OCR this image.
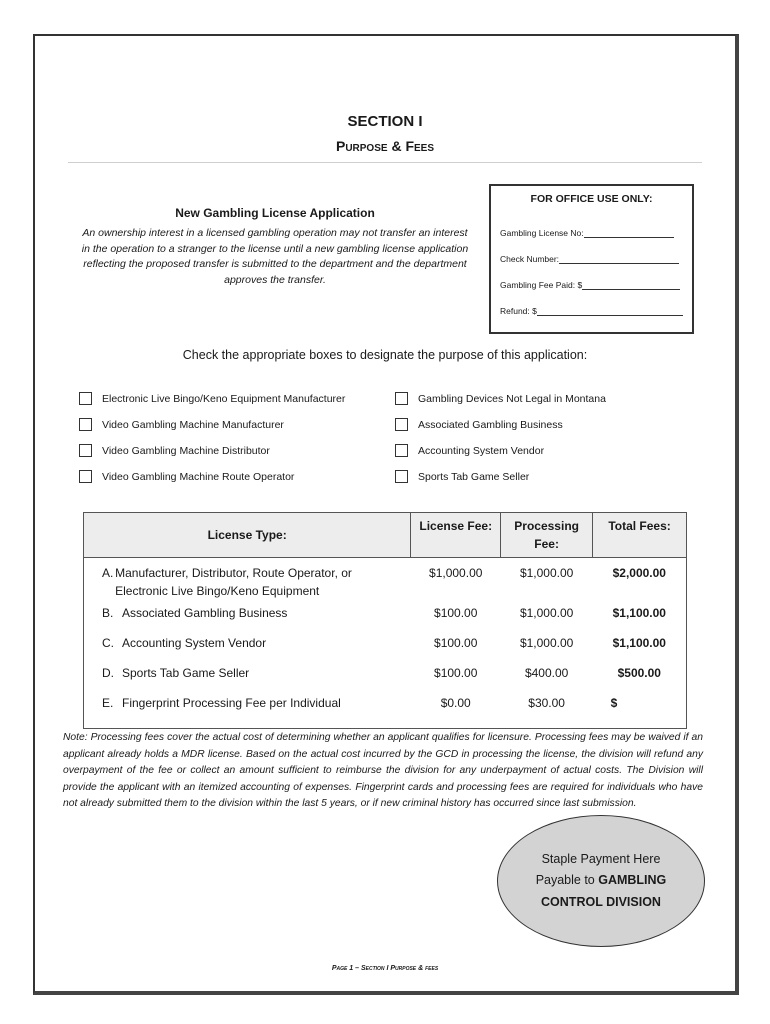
SECTION I
Purpose & Fees
New Gambling License Application
An ownership interest in a licensed gambling operation may not transfer an interest in the operation to a stranger to the license until a new gambling license application reflecting the proposed transfer is submitted to the department and the department approves the transfer.
FOR OFFICE USE ONLY:
Gambling License No:
Check Number:
Gambling Fee Paid: $
Refund: $
Check the appropriate boxes to designate the purpose of this application:
Electronic Live Bingo/Keno Equipment Manufacturer
Video Gambling Machine Manufacturer
Video Gambling Machine Distributor
Video Gambling Machine Route Operator
Gambling Devices Not Legal in Montana
Associated Gambling Business
Accounting System Vendor
Sports Tab Game Seller
License Type:	License Fee:	Processing Fee:	Total Fees:

A. Manufacturer, Distributor, Route Operator, or Electronic Live Bingo/Keno Equipment	$1,000.00	$1,000.00	$2,000.00
B. Associated Gambling Business	$100.00	$1,000.00	$1,100.00
C. Accounting System Vendor	$100.00	$1,000.00	$1,100.00
D. Sports Tab Game Seller	$100.00	$400.00	$500.00
E. Fingerprint Processing Fee per Individual	$0.00	$30.00	$
Note: Processing fees cover the actual cost of determining whether an applicant qualifies for licensure. Processing fees may be waived if an applicant already holds a MDR license. Based on the actual cost incurred by the GCD in processing the license, the division will refund any overpayment of the fee or collect an amount sufficient to reimburse the division for any underpayment of actual costs. The Division will provide the applicant with an itemized accounting of expenses. Fingerprint cards and processing fees are required for individuals who have not already submitted them to the division within the last 5 years, or if new criminal history has occurred since last submission.
Staple Payment Here
Payable to GAMBLING
CONTROL DIVISION
Page 1 – Section I Purpose & fees
